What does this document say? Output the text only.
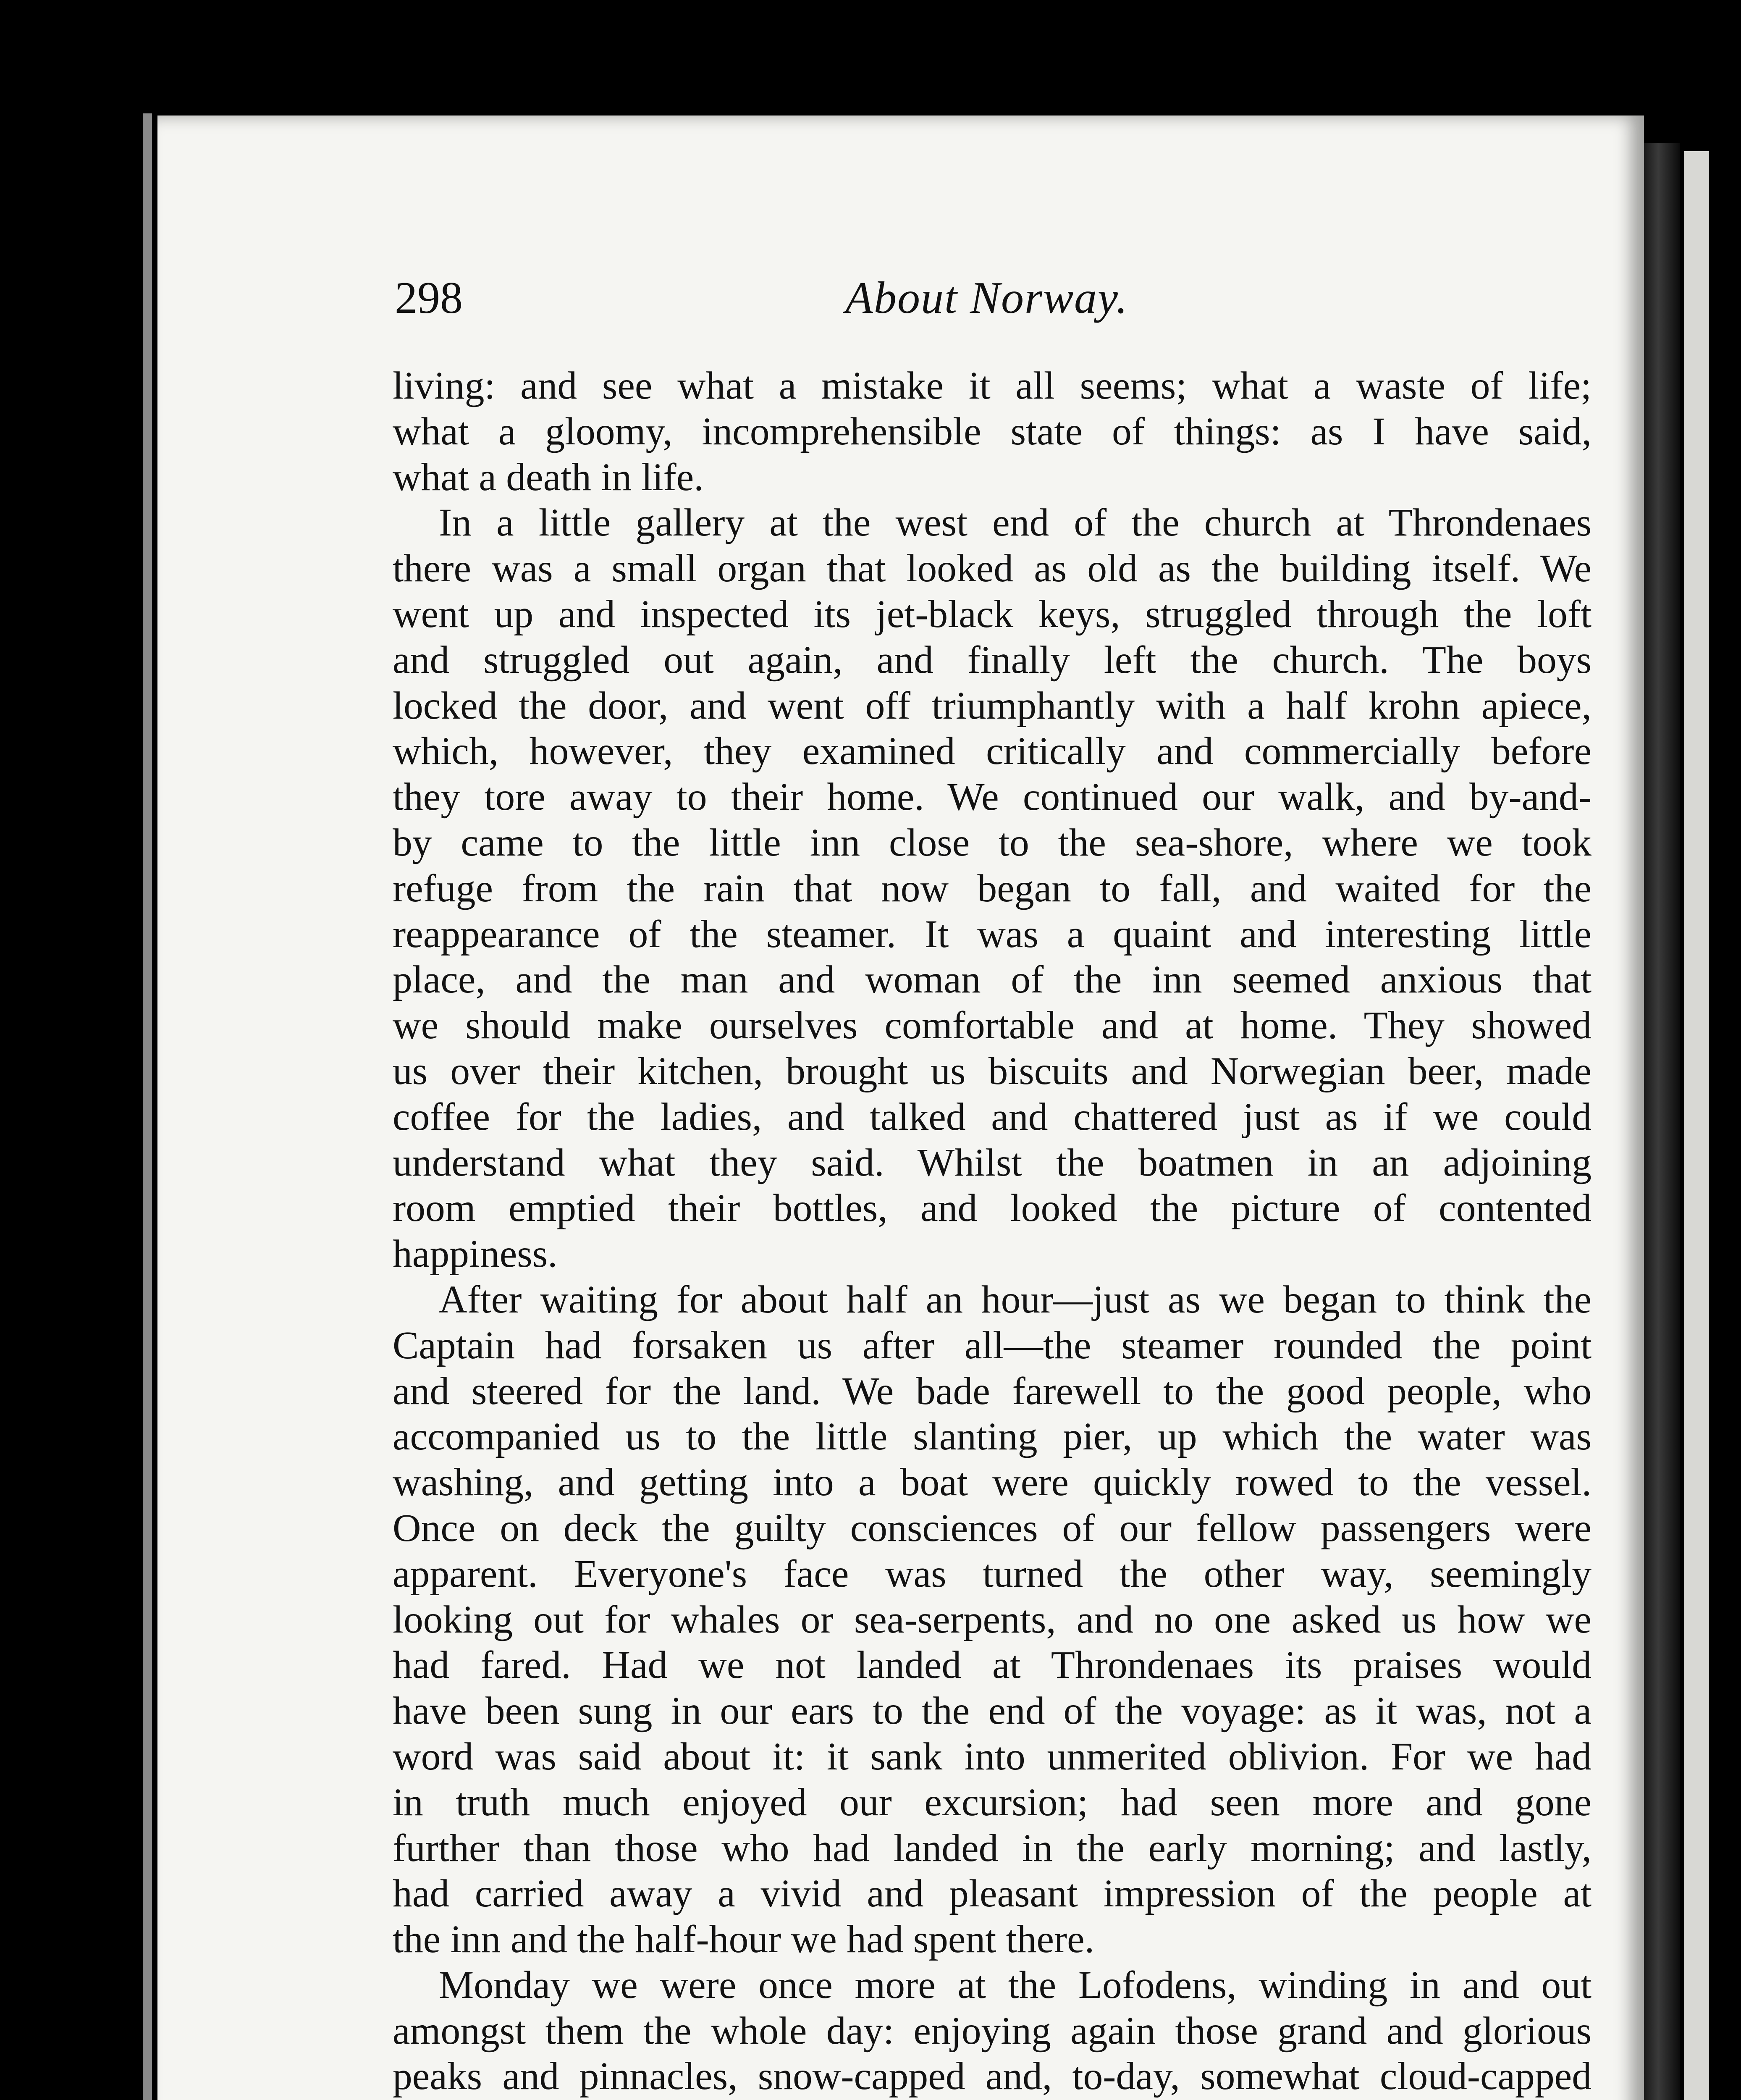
298	About Norway.

living: and see what a mistake it all seems; what a waste of life;
what a gloomy, incomprehensible state of things: as I have said,
what a death in life.

In a little gallery at the west end of the church at Throndenaes
there was a small organ that looked as old as the building itself. We
went up and inspected its jet-black keys, struggled through the loft
and struggled out again, and finally left the church. The boys
locked the door, and went off triumphantly with a half krohn apiece,
which, however, they examined critically and commercially before
they tore away to their home. We continued our walk, and by-and-
by came to the little inn close to the sea-shore, where we took
refuge from the rain that now began to fall, and waited for the
reappearance of the steamer. It was a quaint and interesting little
place, and the man and woman of the inn seemed anxious that
we should make ourselves comfortable and at home. They showed
us over their kitchen, brought us biscuits and Norwegian beer, made
coffee for the ladies, and talked and chattered just as if we could
understand what they said. Whilst the boatmen in an adjoining
room emptied their bottles, and looked the picture of contented
happiness.

After waiting for about half an hour—just as we began to think the
Captain had forsaken us after all—the steamer rounded the point
and steered for the land. We bade farewell to the good people, who
accompanied us to the little slanting pier, up which the water was
washing, and getting into a boat were quickly rowed to the vessel.
Once on deck the guilty consciences of our fellow passengers were
apparent. Everyone's face was turned the other way, seemingly
looking out for whales or sea-serpents, and no one asked us how we
had fared. Had we not landed at Throndenaes its praises would
have been sung in our ears to the end of the voyage: as it was, not a
word was said about it: it sank into unmerited oblivion. For we had
in truth much enjoyed our excursion; had seen more and gone
further than those who had landed in the early morning; and lastly,
had carried away a vivid and pleasant impression of the people at
the inn and the half-hour we had spent there.

Monday we were once more at the Lofodens, winding in and out
amongst them the whole day: enjoying again those grand and glorious
peaks and pinnacles, snow-capped and, to-day, somewhat cloud-capped
